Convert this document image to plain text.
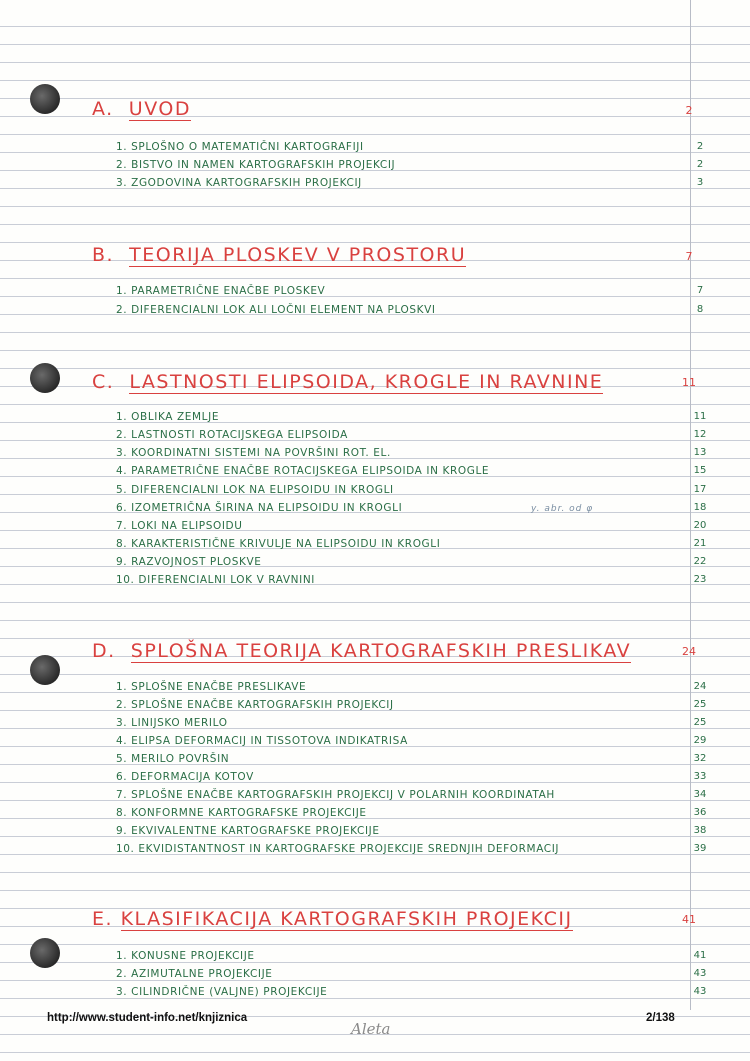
A. UVOD	2
1. SPLOŠNO O MATEMATIČNI KARTOGRAFIJI	2
2. BISTVO IN NAMEN KARTOGRAFSKIH PROJEKCIJ	2
3. ZGODOVINA KARTOGRAFSKIH PROJEKCIJ	3
B. TEORIJA PLOSKEV V PROSTORU	7
1. PARAMETRIČNE ENAČBE PLOSKEV	7
2. DIFERENCIALNI LOK ALI LOČNI ELEMENT NA PLOSKVI	8
C. LASTNOSTI ELIPSOIDA, KROGLE IN RAVNINE	11
1. OBLIKA ZEMLJE	11
2. LASTNOSTI ROTACIJSKEGA ELIPSOIDA	12
3. KOORDINATNI SISTEMI NA POVRŠINI ROT. EL.	13
4. PARAMETRIČNE ENAČBE ROTACIJSKEGA ELIPSOIDA IN KROGLE	15
5. DIFERENCIALNI LOK NA ELIPSOIDU IN KROGLI	17
6. IZOMETRIČNA ŠIRINA NA ELIPSOIDU IN KROGLI	18
y. abr. od φ
7. LOKI NA ELIPSOIDU	20
8. KARAKTERISTIČNE KRIVULJE NA ELIPSOIDU IN KROGLI	21
9. RAZVOJNOST PLOSKVE	22
10. DIFERENCIALNI LOK V RAVNINI	23
D. SPLOŠNA TEORIJA KARTOGRAFSKIH PRESLIKAV	24
1. SPLOŠNE ENAČBE PRESLIKAVE	24
2. SPLOŠNE ENAČBE KARTOGRAFSKIH PROJEKCIJ	25
3. LINIJSKO MERILO	25
4. ELIPSA DEFORMACIJ IN TISSOTOVA INDIKATRISA	29
5. MERILO POVRŠIN	32
6. DEFORMACIJA KOTOV	33
7. SPLOŠNE ENAČBE KARTOGRAFSKIH PROJEKCIJ V POLARNIH KOORDINATAH	34
8. KONFORMNE KARTOGRAFSKE PROJEKCIJE	36
9. EKVIVALENTNE KARTOGRAFSKE PROJEKCIJE	38
10. EKVIDISTANTNOST IN KARTOGRAFSKE PROJEKCIJE SREDNJIH DEFORMACIJ	39
E. KLASIFIKACIJA KARTOGRAFSKIH PROJEKCIJ	41
1. KONUSNE PROJEKCIJE	41
2. AZIMUTALNE PROJEKCIJE	43
3. CILINDRIČNE (VALJNE) PROJEKCIJE	43
http://www.student-info.net/knjiznica
Aleta
2/138
